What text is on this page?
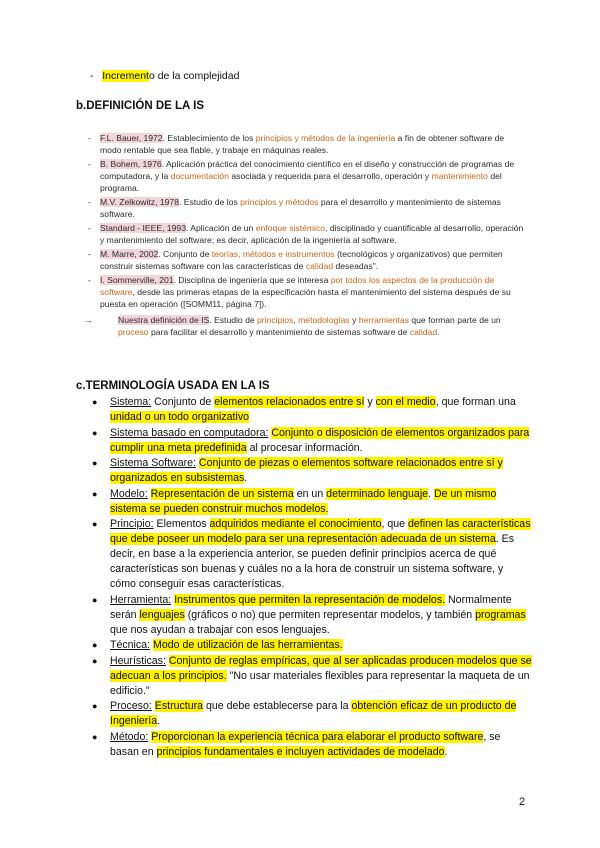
- Incremento de la complejidad
b.DEFINICIÓN DE LA IS
- F.L. Bauer, 1972. Establecimiento de los principios y métodos de la ingeniería a fin de obtener software de modo rentable que sea fiable, y trabaje en máquinas reales.
- B. Bohem, 1976. Aplicación práctica del conocimiento científico en el diseño y construcción de programas de computadora, y la documentación asociada y requerida para el desarrollo, operación y mantenimiento del programa.
- M.V. Zelkowitz, 1978. Estudio de los principios y métodos para el desarrollo y mantenimiento de sistemas software.
- Standard - IEEE, 1993. Aplicación de un enfoque sistémico, disciplinado y cuantificable al desarrollo, operación y mantenimiento del software; es decir, aplicación de la ingeniería al software.
- M. Marre, 2002. Conjunto de teorías, métodos e instrumentos (tecnológicos y organizativos) que permiten construir sistemas software con las características de calidad deseadas".
- I. Sommerville, 201. Disciplina de ingeniería que se interesa por todos los aspectos de la producción de software, desde las primeras etapas de la especificación hasta el mantenimiento del sistema después de su puesta en operación ([SOMM11, página 7]).
→	Nuestra definición de IS. Estudio de principios, metodologías y herramientas que forman parte de un proceso para facilitar el desarrollo y mantenimiento de sistemas software de calidad.
c.TERMINOLOGÍA USADA EN LA IS
● Sistema: Conjunto de elementos relacionados entre sí y con el medio, que forman una unidad o un todo organizativo
● Sistema basado en computadora: Conjunto o disposición de elementos organizados para cumplir una meta predefinida al procesar información.
● Sistema Software: Conjunto de piezas o elementos software relacionados entre sí y organizados en subsistemas.
● Modelo: Representación de un sistema en un determinado lenguaje. De un mismo sistema se pueden construir muchos modelos.
● Principio: Elementos adquiridos mediante el conocimiento, que definen las características que debe poseer un modelo para ser una representación adecuada de un sistema. Es decir, en base a la experiencia anterior, se pueden definir principios acerca de qué características son buenas y cuáles no a la hora de construir un sistema software, y cómo conseguir esas características.
● Herramienta: Instrumentos que permiten la representación de modelos. Normalmente serán lenguajes (gráficos o no) que permiten representar modelos, y también programas que nos ayudan a trabajar con esos lenguajes.
● Técnica: Modo de utilización de las herramientas.
● Heurísticas: Conjunto de reglas empíricas, que al ser aplicadas producen modelos que se adecuan a los principios. "No usar materiales flexibles para representar la maqueta de un edificio."
● Proceso: Estructura que debe establecerse para la obtención eficaz de un producto de Ingeniería.
● Método: Proporcionan la experiencia técnica para elaborar el producto software, se basan en principios fundamentales e incluyen actividades de modelado.
2
